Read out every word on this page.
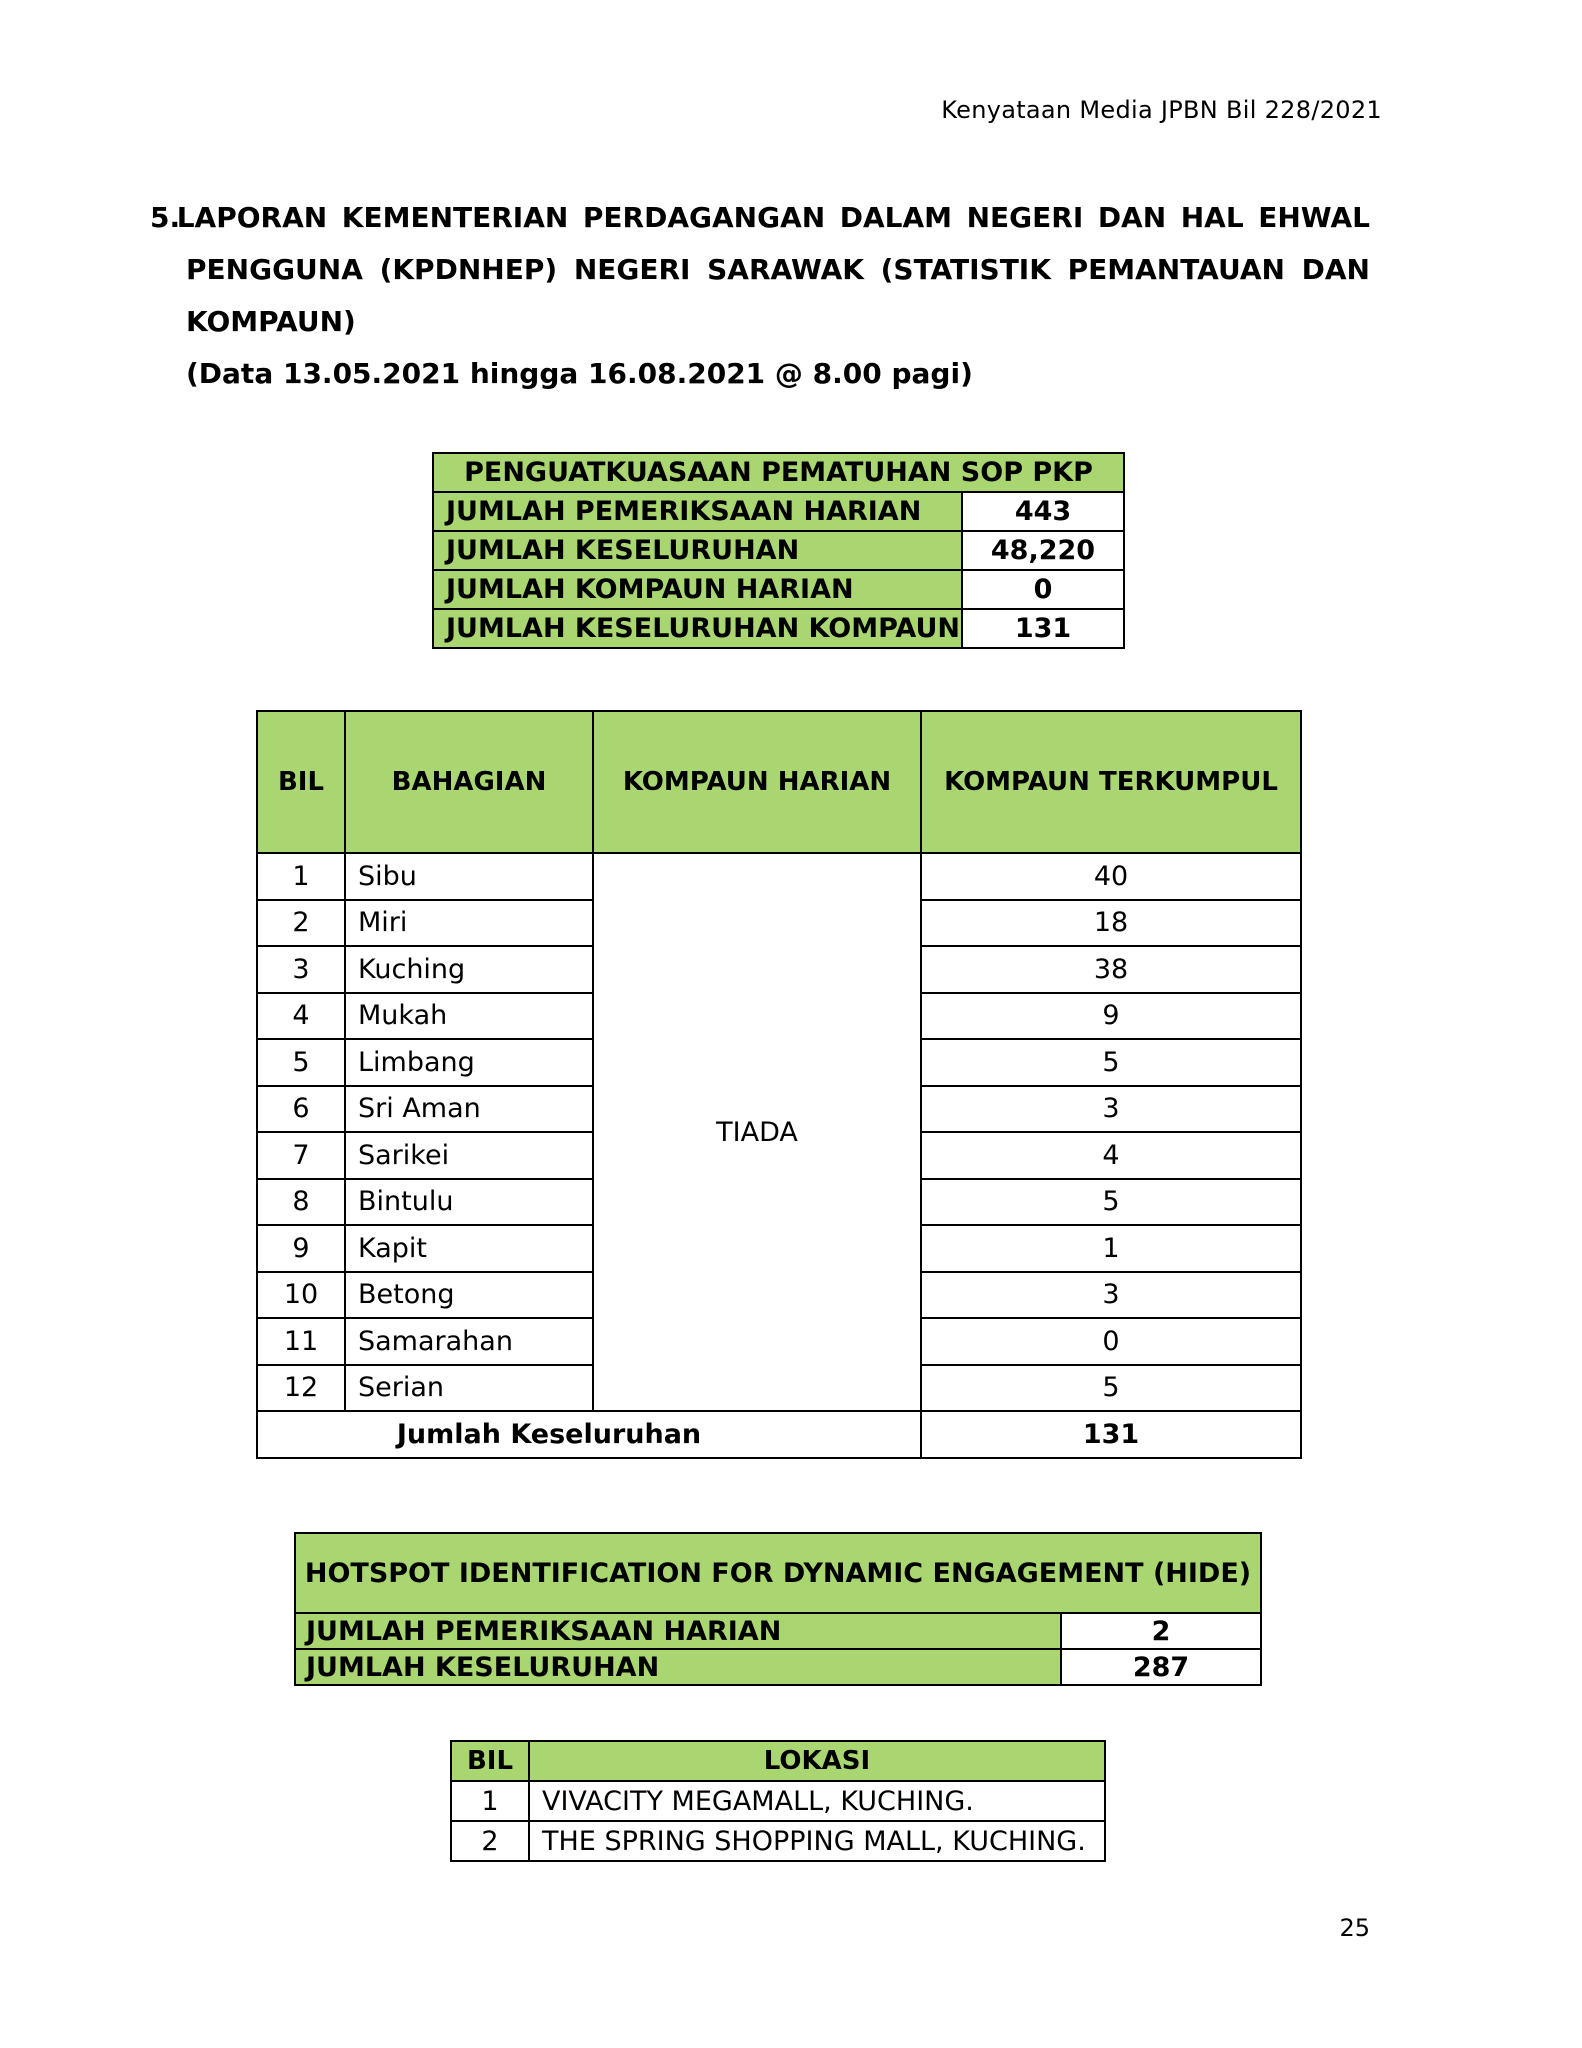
Kenyataan Media JPBN Bil 228/2021
5.
LAPORAN KEMENTERIAN PERDAGANGAN DALAM NEGERI DAN HAL EHWAL
PENGGUNA (KPDNHEP) NEGERI SARAWAK (STATISTIK PEMANTAUAN DAN
KOMPAUN)
(Data 13.05.2021 hingga 16.08.2021 @ 8.00 pagi)
PENGUATKUASAAN PEMATUHAN SOP PKP	
JUMLAH PEMERIKSAAN HARIAN	443
JUMLAH KESELURUHAN	48,220
JUMLAH KOMPAUN HARIAN	0
JUMLAH KESELURUHAN KOMPAUN	131
BIL	BAHAGIAN	KOMPAUN HARIAN	KOMPAUN TERKUMPUL
1	Sibu	TIADA	40
2	Miri		18
3	Kuching		38
4	Mukah		9
5	Limbang		5
6	Sri Aman		3
7	Sarikei		4
8	Bintulu		5
9	Kapit		1
10	Betong		3
11	Samarahan		0
12	Serian		5
Jumlah Keseluruhan			131
HOTSPOT IDENTIFICATION FOR DYNAMIC ENGAGEMENT (HIDE)	
JUMLAH PEMERIKSAAN HARIAN	2
JUMLAH KESELURUHAN	287
BIL	LOKASI
1	VIVACITY MEGAMALL, KUCHING.
2	THE SPRING SHOPPING MALL, KUCHING.
25
